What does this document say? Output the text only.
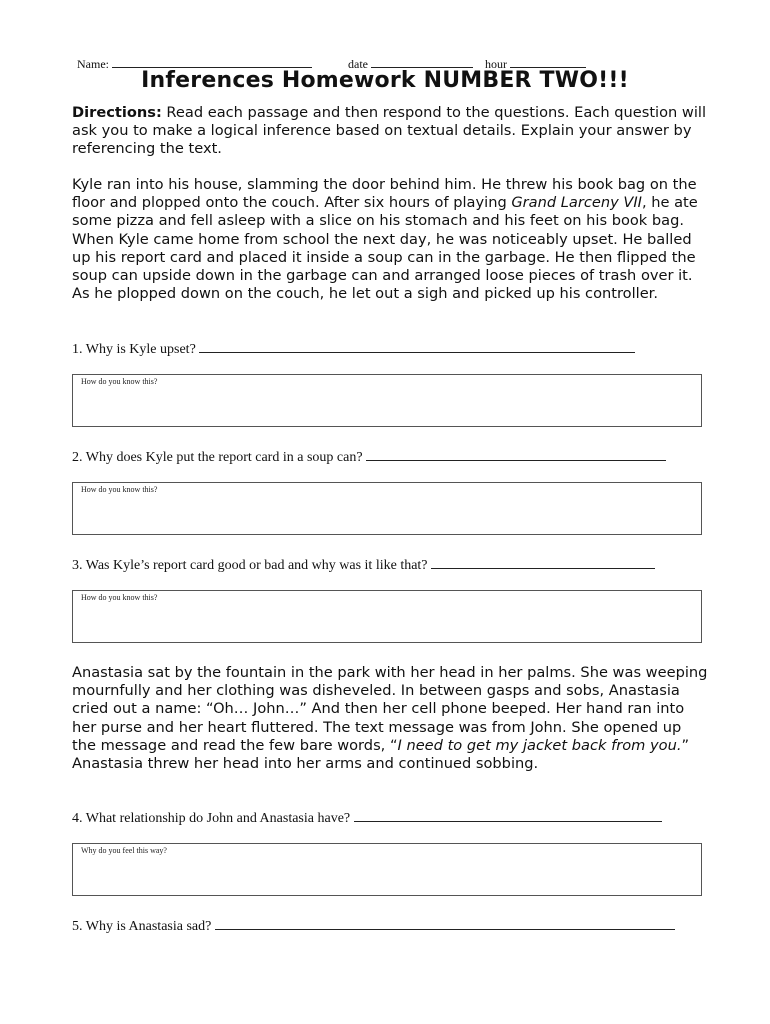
Name:	date	hour
Inferences Homework NUMBER TWO!!!
Directions: Read each passage and then respond to the questions. Each question will ask you to make a logical inference based on textual details. Explain your answer by referencing the text.
Kyle ran into his house, slamming the door behind him. He threw his book bag on the floor and plopped onto the couch. After six hours of playing Grand Larceny VII, he ate some pizza and fell asleep with a slice on his stomach and his feet on his book bag. When Kyle came home from school the next day, he was noticeably upset. He balled up his report card and placed it inside a soup can in the garbage. He then flipped the soup can upside down in the garbage can and arranged loose pieces of trash over it. As he plopped down on the couch, he let out a sigh and picked up his controller.
1. Why is Kyle upset?
How do you know this?
2. Why does Kyle put the report card in a soup can?
How do you know this?
3. Was Kyle’s report card good or bad and why was it like that?
How do you know this?
Anastasia sat by the fountain in the park with her head in her palms. She was weeping mournfully and her clothing was disheveled. In between gasps and sobs, Anastasia cried out a name: “Oh… John…” And then her cell phone beeped. Her hand ran into her purse and her heart fluttered. The text message was from John. She opened up the message and read the few bare words, “I need to get my jacket back from you.” Anastasia threw her head into her arms and continued sobbing.
4. What relationship do John and Anastasia have?
Why do you feel this way?
5. Why is Anastasia sad?
